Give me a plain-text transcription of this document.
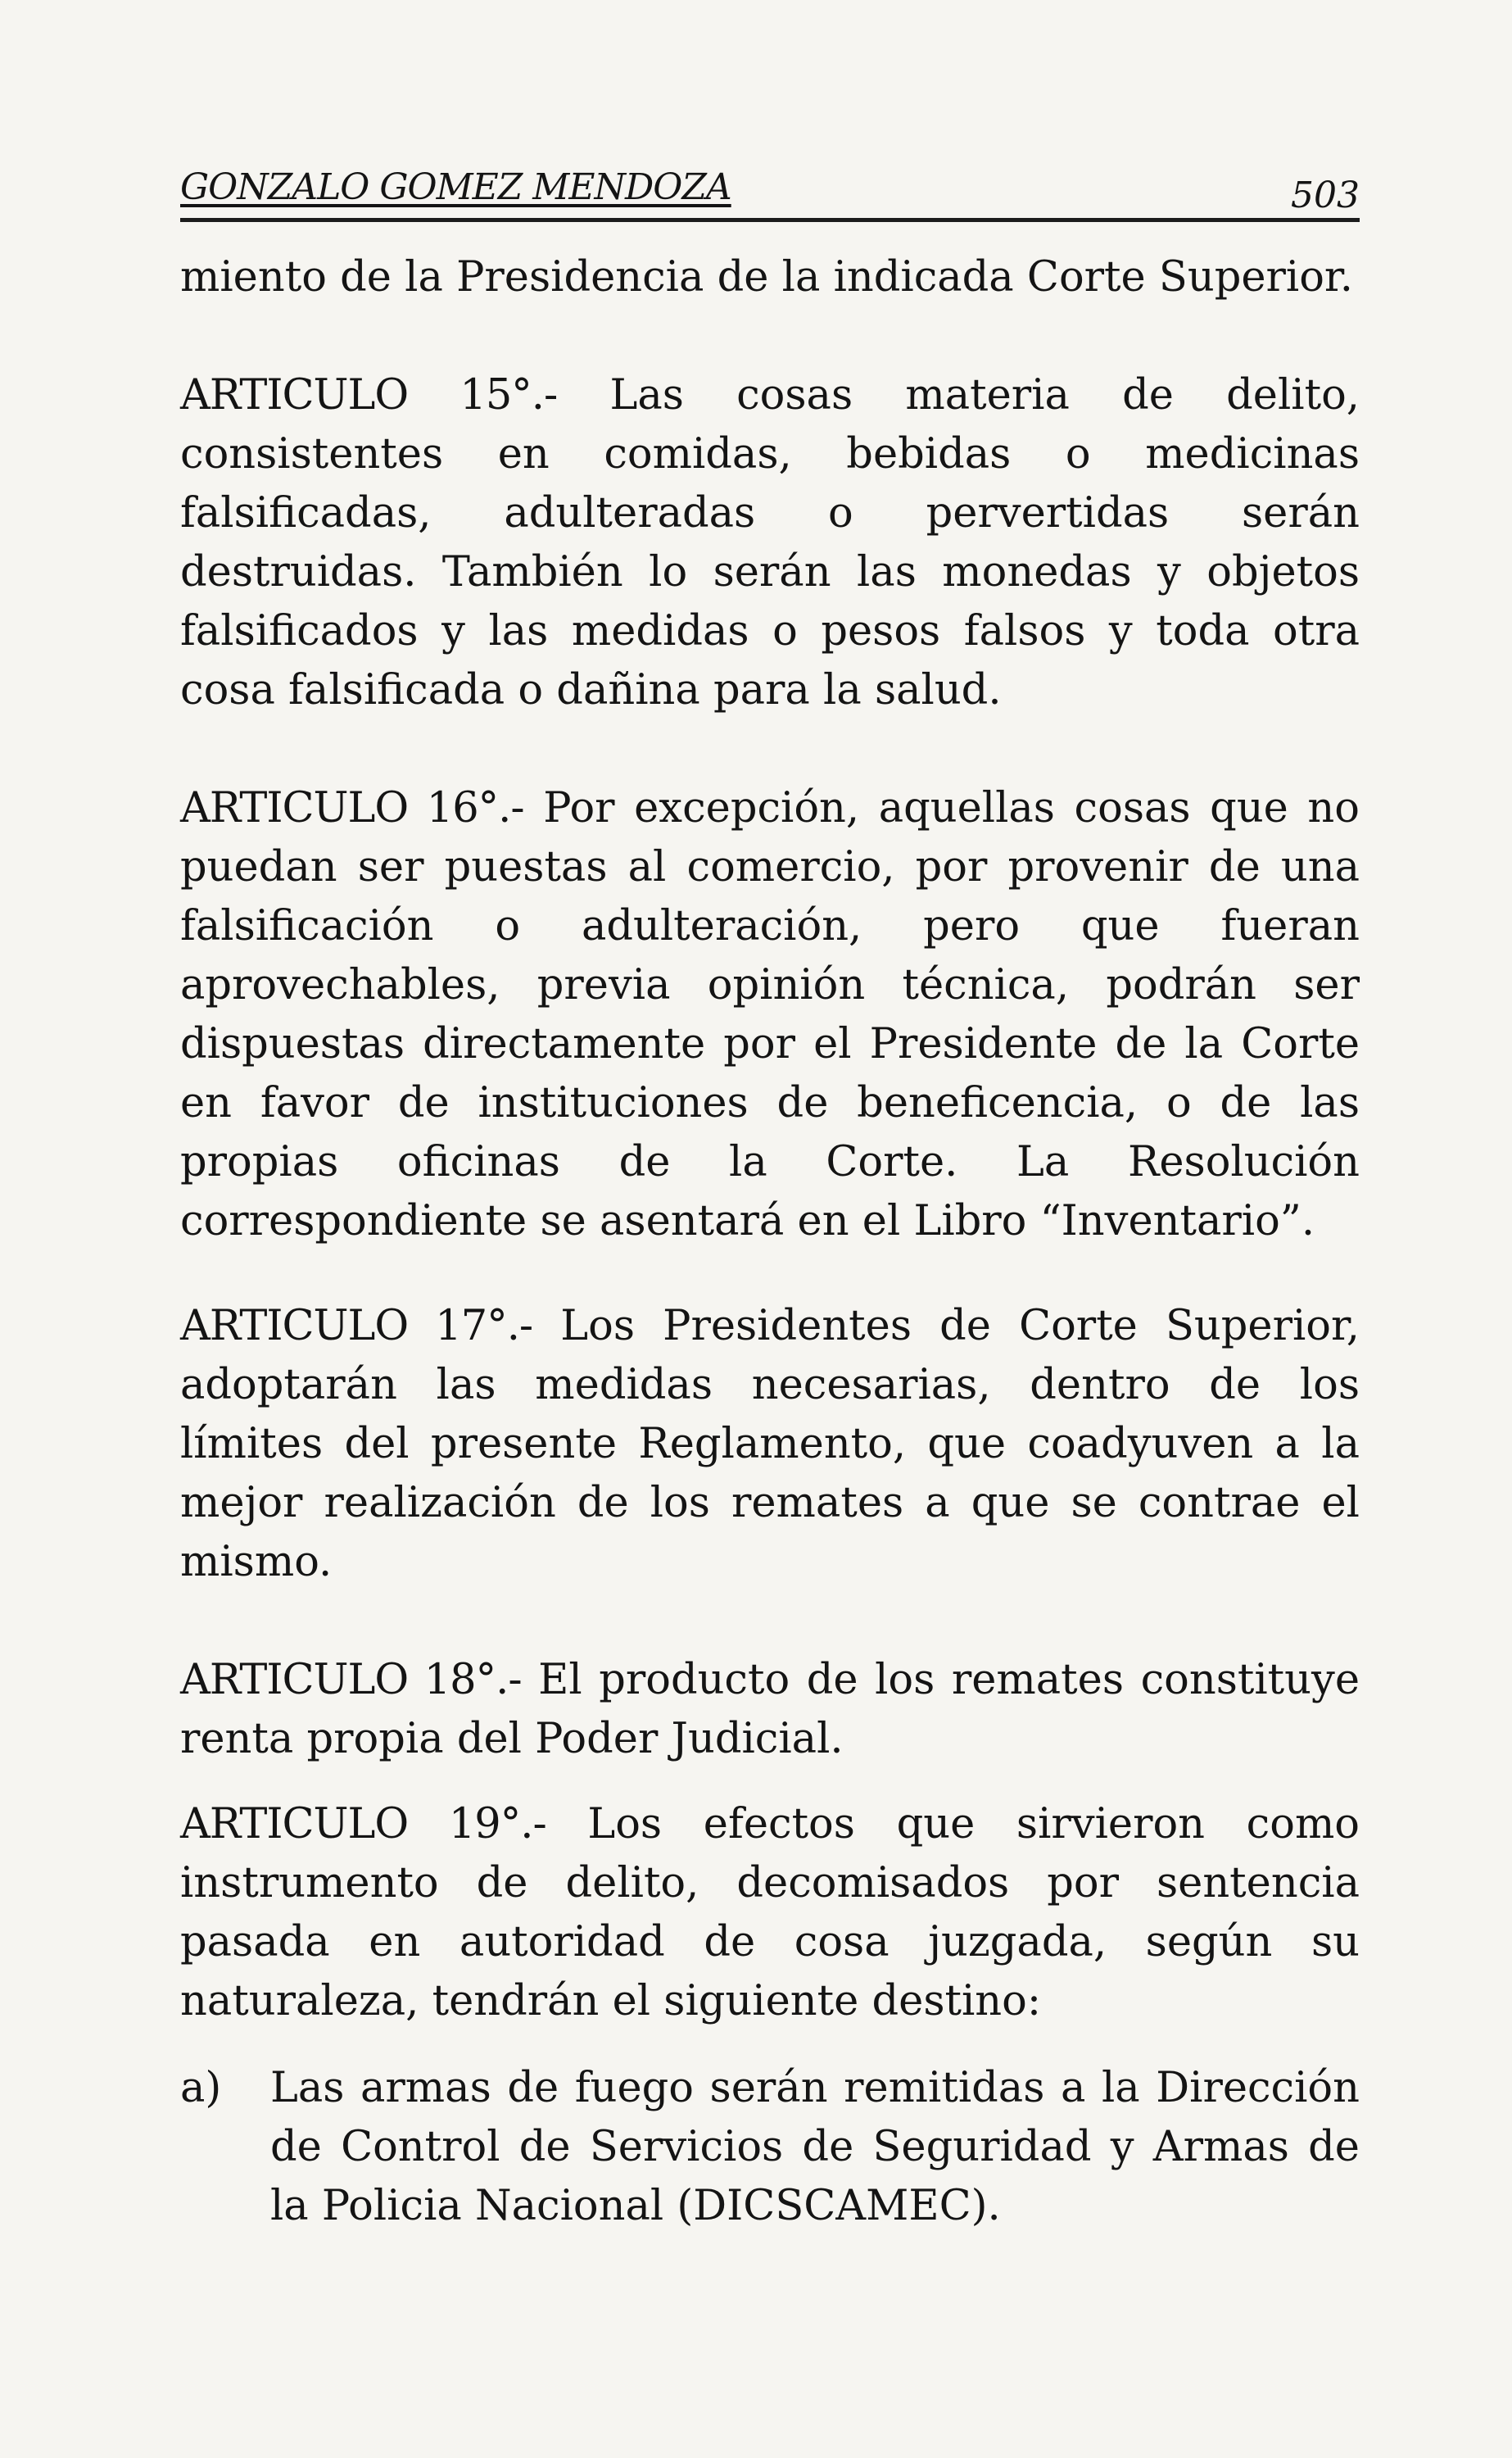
GONZALO GOMEZ MENDOZA	503

miento de la Presidencia de la indicada Corte Superior.

ARTICULO 15°.- Las cosas materia de delito, consistentes en comidas, bebidas o medicinas falsificadas, adulteradas o pervertidas serán destruidas. También lo serán las monedas y objetos falsificados y las medidas o pesos falsos y toda otra cosa falsificada o dañina para la salud.

ARTICULO 16°.- Por excepción, aquellas cosas que no puedan ser puestas al comercio, por provenir de una falsificación o adulteración, pero que fueran aprovechables, previa opinión técnica, podrán ser dispuestas directamente por el Presidente de la Corte en favor de instituciones de beneficencia, o de las propias oficinas de la Corte. La Resolución correspondiente se asentará en el Libro “Inventario”.

ARTICULO 17°.- Los Presidentes de Corte Superior, adoptarán las medidas necesarias, dentro de los límites del presente Reglamento, que coadyuven a la mejor realización de los remates a que se contrae el mismo.

ARTICULO 18°.- El producto de los remates constituye renta propia del Poder Judicial.

ARTICULO 19°.- Los efectos que sirvieron como instrumento de delito, decomisados por sentencia pasada en autoridad de cosa juzgada, según su naturaleza, tendrán el siguiente destino:

a)	Las armas de fuego serán remitidas a la Dirección de Control de Servicios de Seguridad y Armas de la Policia Nacional (DICSCAMEC).
